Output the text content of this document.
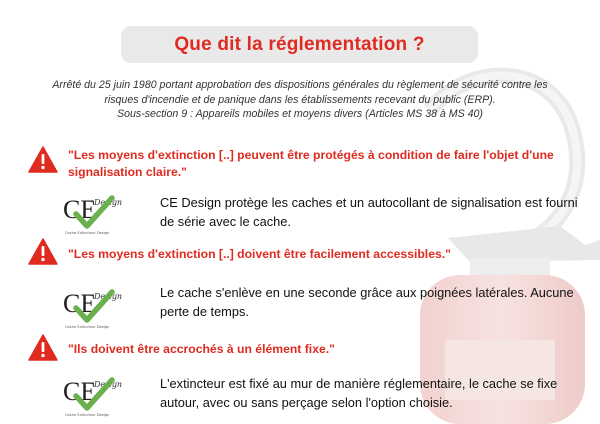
Que dit la réglementation ?
Arrêté du 25 juin 1980 portant approbation des dispositions générales du règlement de sécurité contre les
risques d'incendie et de panique dans les établissements recevant du public (ERP).
Sous-section 9 : Appareils mobiles et moyens divers (Articles MS 38 à MS 40)
"Les moyens d'extinction [..] peuvent être protégés à condition de faire l'objet d'une signalisation claire."
CE
Design
Cache Extincteur Design
CE Design protège les caches et un autocollant de signalisation est fourni de série avec le cache.
"Les moyens d'extinction [..] doivent être facilement accessibles."
CE
Design
Cache Extincteur Design
Le cache s'enlève en une seconde grâce aux poignées latérales. Aucune perte de temps.
"Ils doivent être accrochés à un élément fixe."
CE
Design
Cache Extincteur Design
L'extincteur est fixé au mur de manière réglementaire, le cache se fixe autour, avec ou sans perçage selon l'option choisie.
